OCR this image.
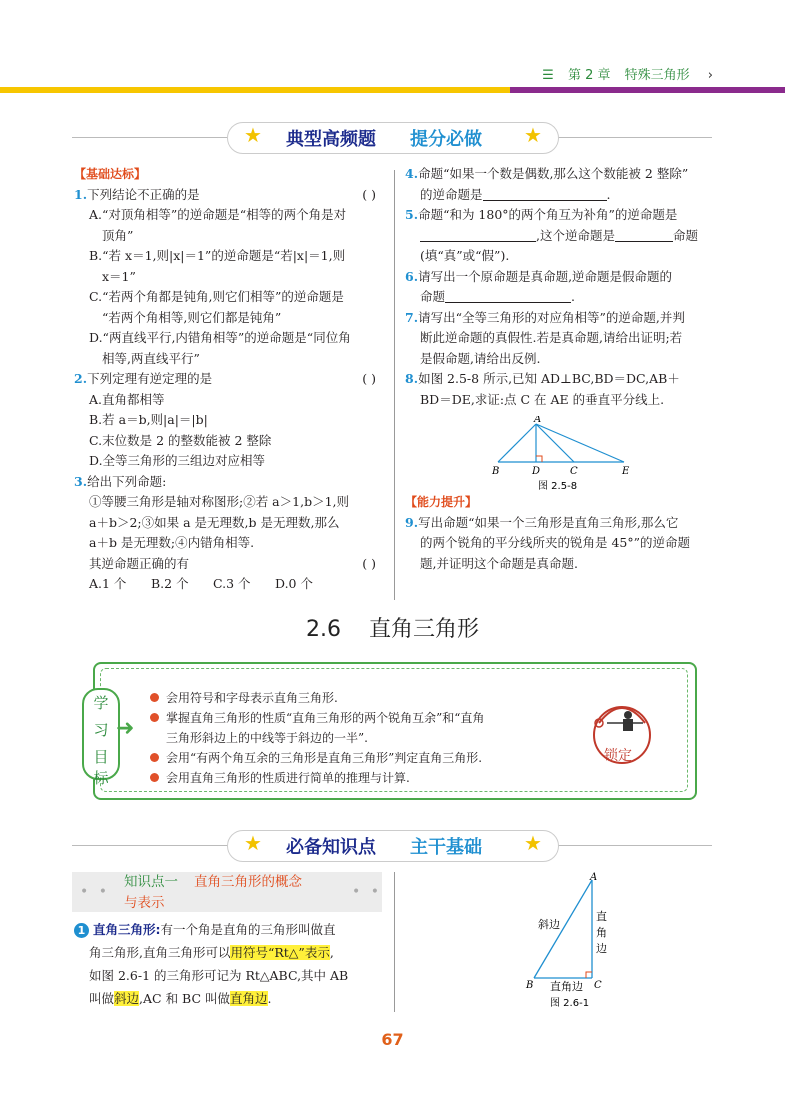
☰ 第 2 章 特殊三角形 ›
★ 典型高频题 提分必做 ★
【基础达标】
1.下列结论不正确的是	( )
A.“对顶角相等”的逆命题是“相等的两个角是对
顶角”
B.“若 x＝1,则|x|＝1”的逆命题是“若|x|＝1,则
x＝1”
C.“若两个角都是钝角,则它们相等”的逆命题是
“若两个角相等,则它们都是钝角”
D.“两直线平行,内错角相等”的逆命题是“同位角
相等,两直线平行”
2.下列定理有逆定理的是	( )
A.直角都相等
B.若 a＝b,则|a|＝|b|
C.末位数是 2 的整数能被 2 整除
D.全等三角形的三组边对应相等
3.给出下列命题:
①等腰三角形是轴对称图形;②若 a＞1,b＞1,则
a＋b＞2;③如果 a 是无理数,b 是无理数,那么
a＋b 是无理数;④内错角相等.
其逆命题正确的有	( )
A.1 个 B.2 个 C.3 个 D.0 个
4.命题“如果一个数是偶数,那么这个数能被 2 整除”
的逆命题是	.
5.命题“和为 180°的两个角互为补角”的逆命题是
,这个逆命题是	命题
(填“真”或“假”).
6.请写出一个原命题是真命题,逆命题是假命题的
命题	.
7.请写出“全等三角形的对应角相等”的逆命题,并判
断此逆命题的真假性.若是真命题,请给出证明;若
是假命题,请给出反例.
8.如图 2.5-8 所示,已知 AD⊥BC,BD＝DC,AB＋
BD＝DE,求证:点 C 在 AE 的垂直平分线上.
A
B	D	C	E
图 2.5-8
【能力提升】
9.写出命题“如果一个三角形是直角三角形,那么它
的两个锐角的平分线所夹的锐角是 45°”的逆命题
题,并证明这个命题是真命题.
2.6 直角三角形
学
习
目
标
➜
会用符号和字母表示直角三角形.
掌握直角三角形的性质“直角三角形的两个锐角互余”和“直角
三角形斜边上的中线等于斜边的一半”.
会用“有两个角互余的三角形是直角三角形”判定直角三角形.
会用直角三角形的性质进行简单的推理与计算.
锁定
★ 必备知识点 主干基础 ★
• •	• •
知识点一 直角三角形的概念
与表示
1 直角三角形:有一个角是直角的三角形叫做直
角三角形,直角三角形可以用符号“Rt△”表示,
如图 2.6-1 的三角形可记为 Rt△ABC,其中 AB
叫做斜边,AC 和 BC 叫做直角边.
A
B	C
斜边
直
角
边
直角边
图 2.6-1
67
